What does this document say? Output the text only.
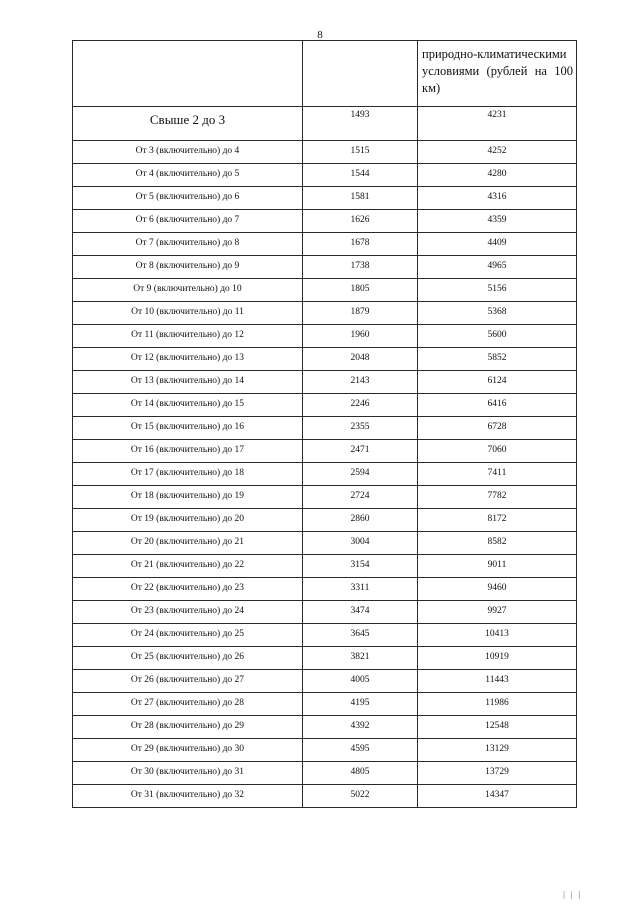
8
		природно-климатическими условиями (рублей на 100 км)
Свыше 2 до 3	1493	4231
От 3 (включительно) до 4	1515	4252
От 4 (включительно) до 5	1544	4280
От 5 (включительно) до 6	1581	4316
От 6 (включительно) до 7	1626	4359
От 7 (включительно) до 8	1678	4409
От 8 (включительно) до 9	1738	4965
От 9 (включительно) до 10	1805	5156
От 10 (включительно) до 11	1879	5368
От 11 (включительно) до 12	1960	5600
От 12 (включительно) до 13	2048	5852
От 13 (включительно) до 14	2143	6124
От 14 (включительно) до 15	2246	6416
От 15 (включительно) до 16	2355	6728
От 16 (включительно) до 17	2471	7060
От 17 (включительно) до 18	2594	7411
От 18 (включительно) до 19	2724	7782
От 19 (включительно) до 20	2860	8172
От 20 (включительно) до 21	3004	8582
От 21 (включительно) до 22	3154	9011
От 22 (включительно) до 23	3311	9460
От 23 (включительно) до 24	3474	9927
От 24 (включительно) до 25	3645	10413
От 25 (включительно) до 26	3821	10919
От 26 (включительно) до 27	4005	11443
От 27 (включительно) до 28	4195	11986
От 28 (включительно) до 29	4392	12548
От 29 (включительно) до 30	4595	13129
От 30 (включительно) до 31	4805	13729
От 31 (включительно) до 32	5022	14347
| | |
